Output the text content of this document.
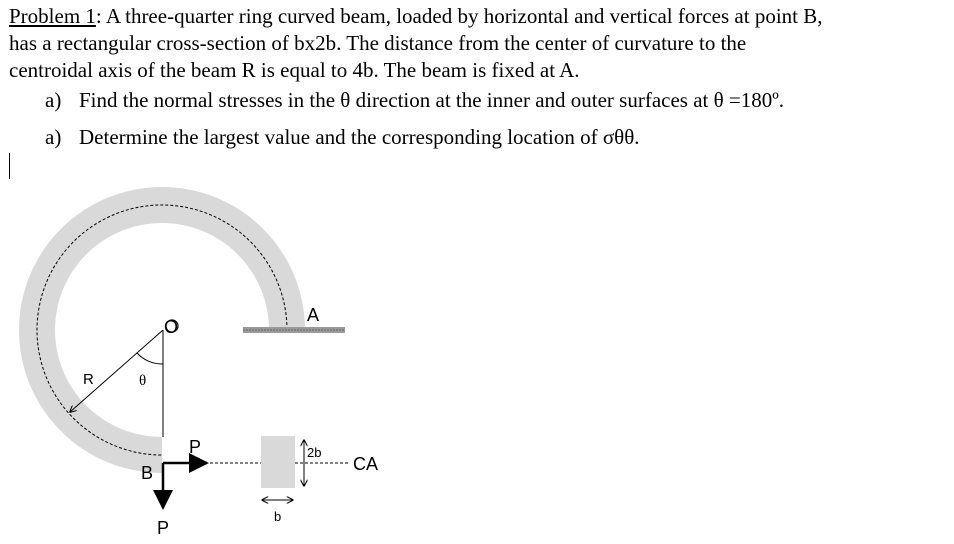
Problem 1: A three-quarter ring curved beam, loaded by horizontal and vertical forces at point B,
has a rectangular cross-section of bx2b. The distance from the center of curvature to the
centroidal axis of the beam R is equal to 4b. The beam is fixed at A.
a) Find the normal stresses in the θ direction at the inner and outer surfaces at θ =180º.
a) Determine the largest value and the corresponding location of σθθ.
A
O
R	θ
B
P
P
2b
b
CA
